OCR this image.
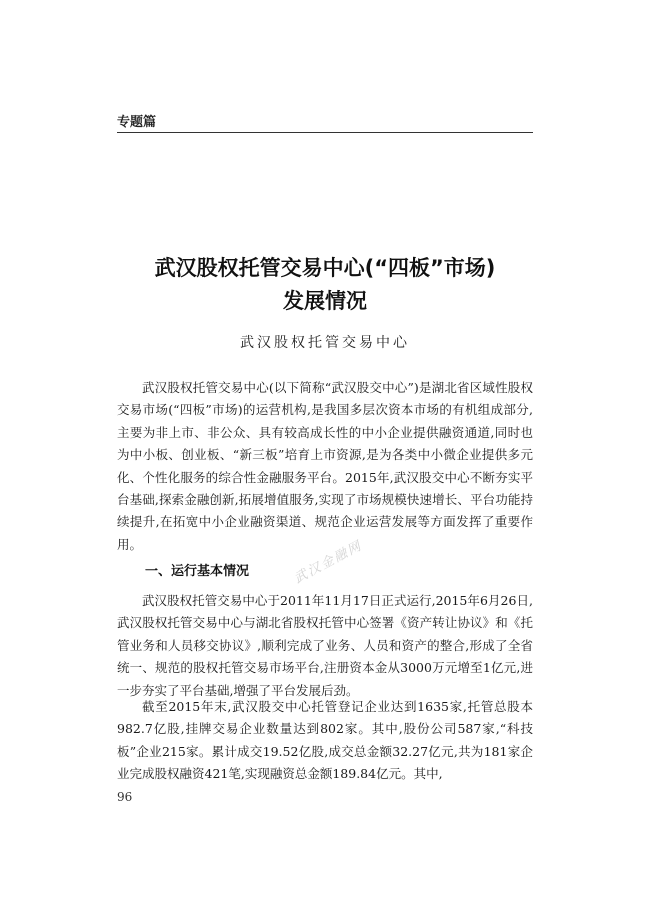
专题篇
武汉股权托管交易中心(“四板”市场)
发展情况
武汉股权托管交易中心

武汉股权托管交易中心(以下简称“武汉股交中心”)是湖北省区域性股权交易市场(“四板”市场)的运营机构,是我国多层次资本市场的有机组成部分,主要为非上市、非公众、具有较高成长性的中小企业提供融资通道,同时也为中小板、创业板、“新三板”培育上市资源,是为各类中小微企业提供多元化、个性化服务的综合性金融服务平台。2015年,武汉股交中心不断夯实平台基础,探索金融创新,拓展增值服务,实现了市场规模快速增长、平台功能持续提升,在拓宽中小企业融资渠道、规范企业运营发展等方面发挥了重要作用。

一、运行基本情况	武汉金融网

武汉股权托管交易中心于2011年11月17日正式运行,2015年6月26日,武汉股权托管交易中心与湖北省股权托管中心签署《资产转让协议》和《托管业务和人员移交协议》,顺利完成了业务、人员和资产的整合,形成了全省统一、规范的股权托管交易市场平台,注册资本金从3000万元增至1亿元,进一步夯实了平台基础,增强了平台发展后劲。

截至2015年末,武汉股交中心托管登记企业达到1635家,托管总股本982.7亿股,挂牌交易企业数量达到802家。其中,股份公司587家,“科技板”企业215家。累计成交19.52亿股,成交总金额32.27亿元,共为181家企业完成股权融资421笔,实现融资总金额189.84亿元。其中,

96
